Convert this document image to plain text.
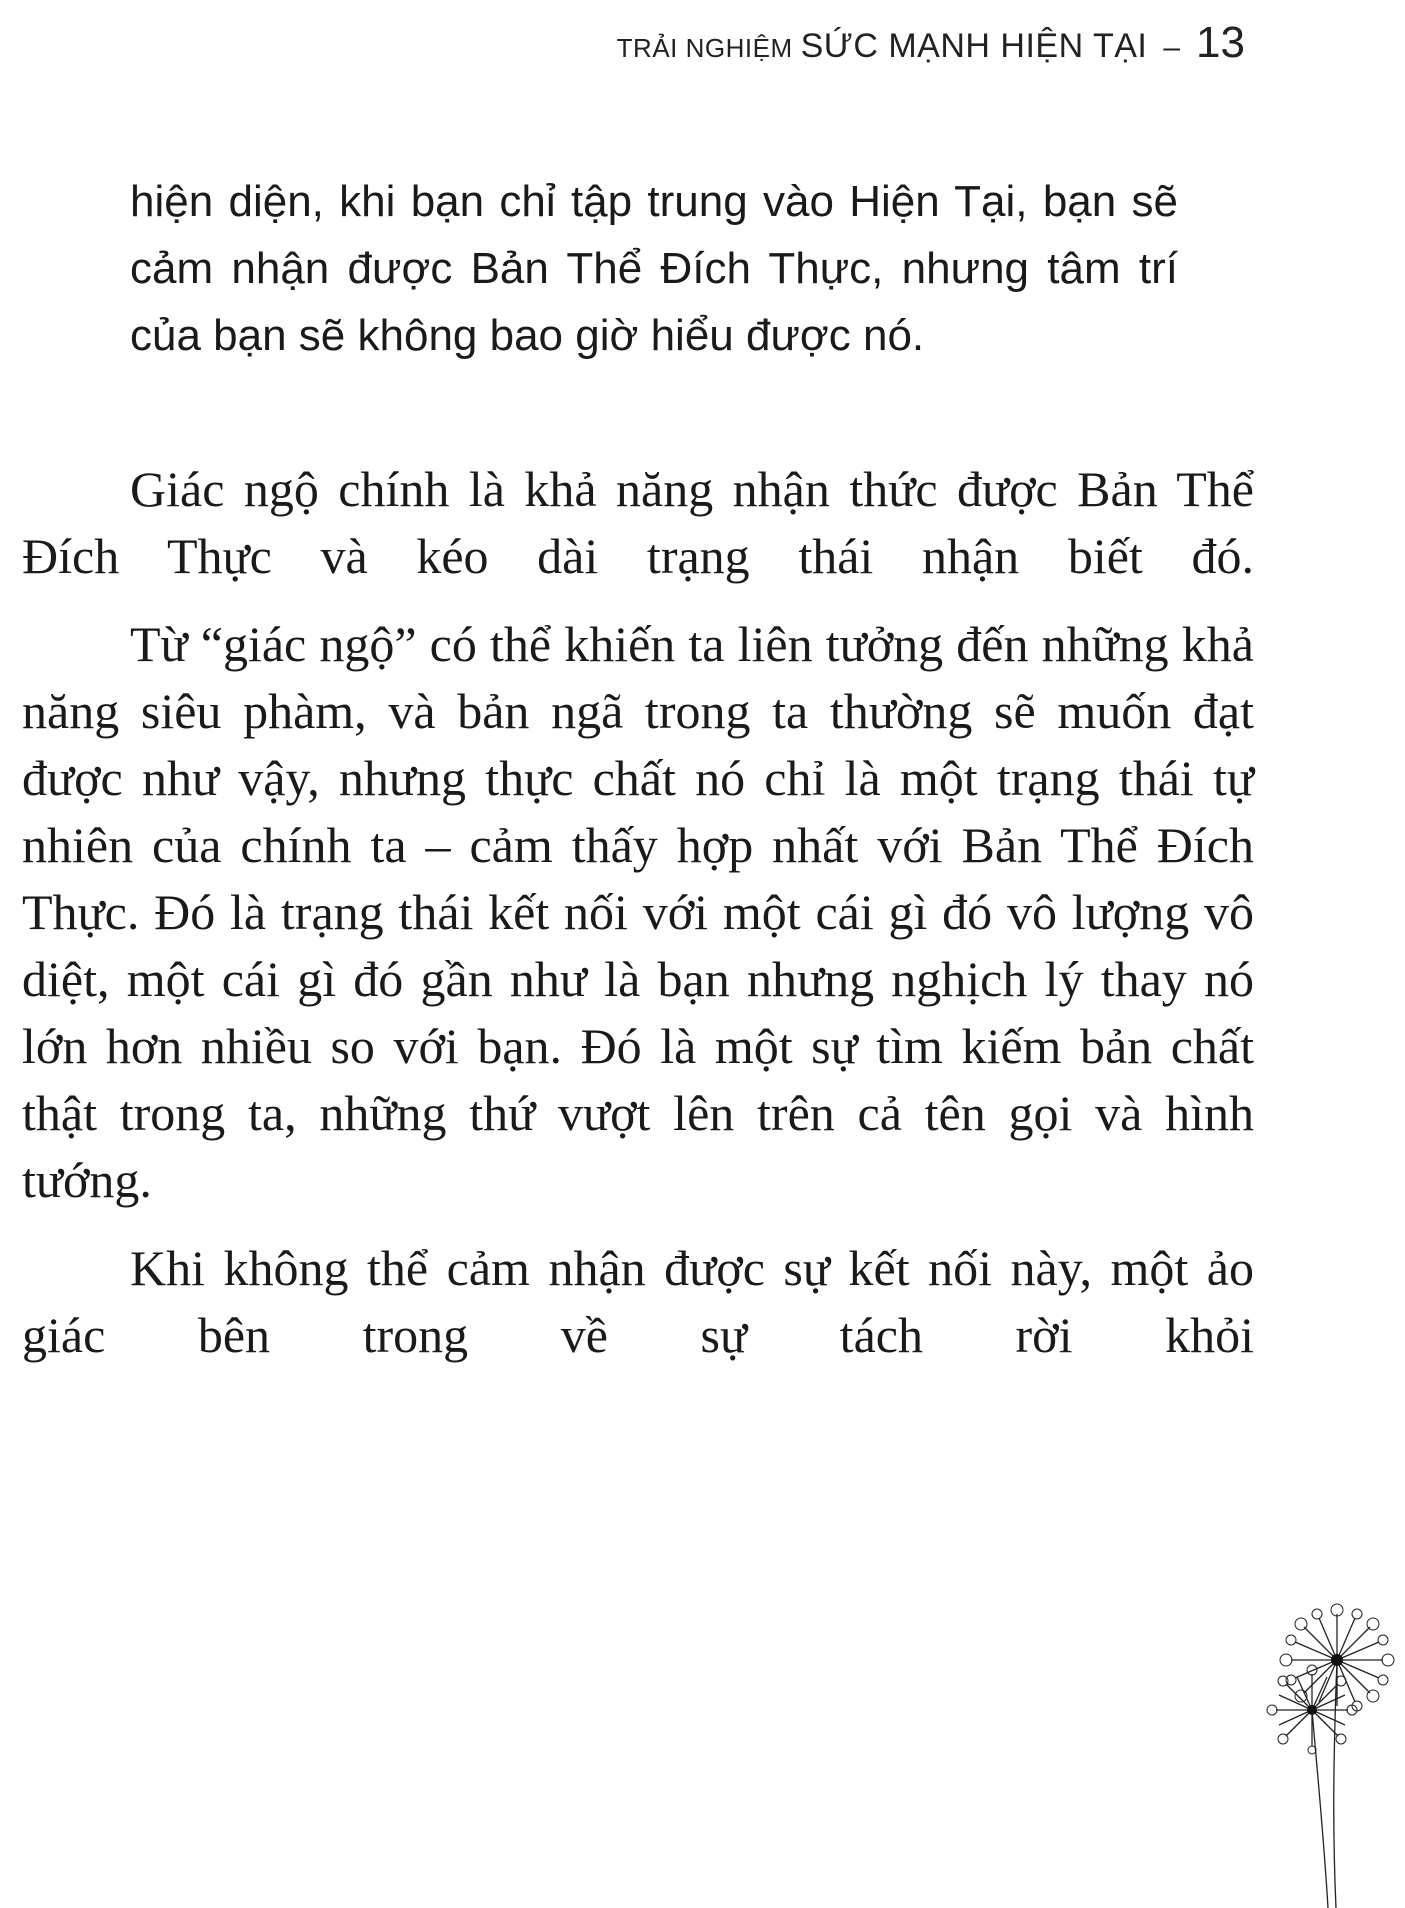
TRẢI NGHIỆM SỨC MẠNH HIỆN TẠI – 13

hiện diện, khi bạn chỉ tập trung vào Hiện Tại, bạn sẽ cảm nhận được Bản Thể Đích Thực, nhưng tâm trí của bạn sẽ không bao giờ hiểu được nó.

Giác ngộ chính là khả năng nhận thức được Bản Thể Đích Thực và kéo dài trạng thái nhận biết đó.

Từ “giác ngộ” có thể khiến ta liên tưởng đến những khả năng siêu phàm, và bản ngã trong ta thường sẽ muốn đạt được như vậy, nhưng thực chất nó chỉ là một trạng thái tự nhiên của chính ta – cảm thấy hợp nhất với Bản Thể Đích Thực. Đó là trạng thái kết nối với một cái gì đó vô lượng vô diệt, một cái gì đó gần như là bạn nhưng nghịch lý thay nó lớn hơn nhiều so với bạn. Đó là một sự tìm kiếm bản chất thật trong ta, những thứ vượt lên trên cả tên gọi và hình tướng.

Khi không thể cảm nhận được sự kết nối này, một ảo giác bên trong về sự tách rời khỏi
